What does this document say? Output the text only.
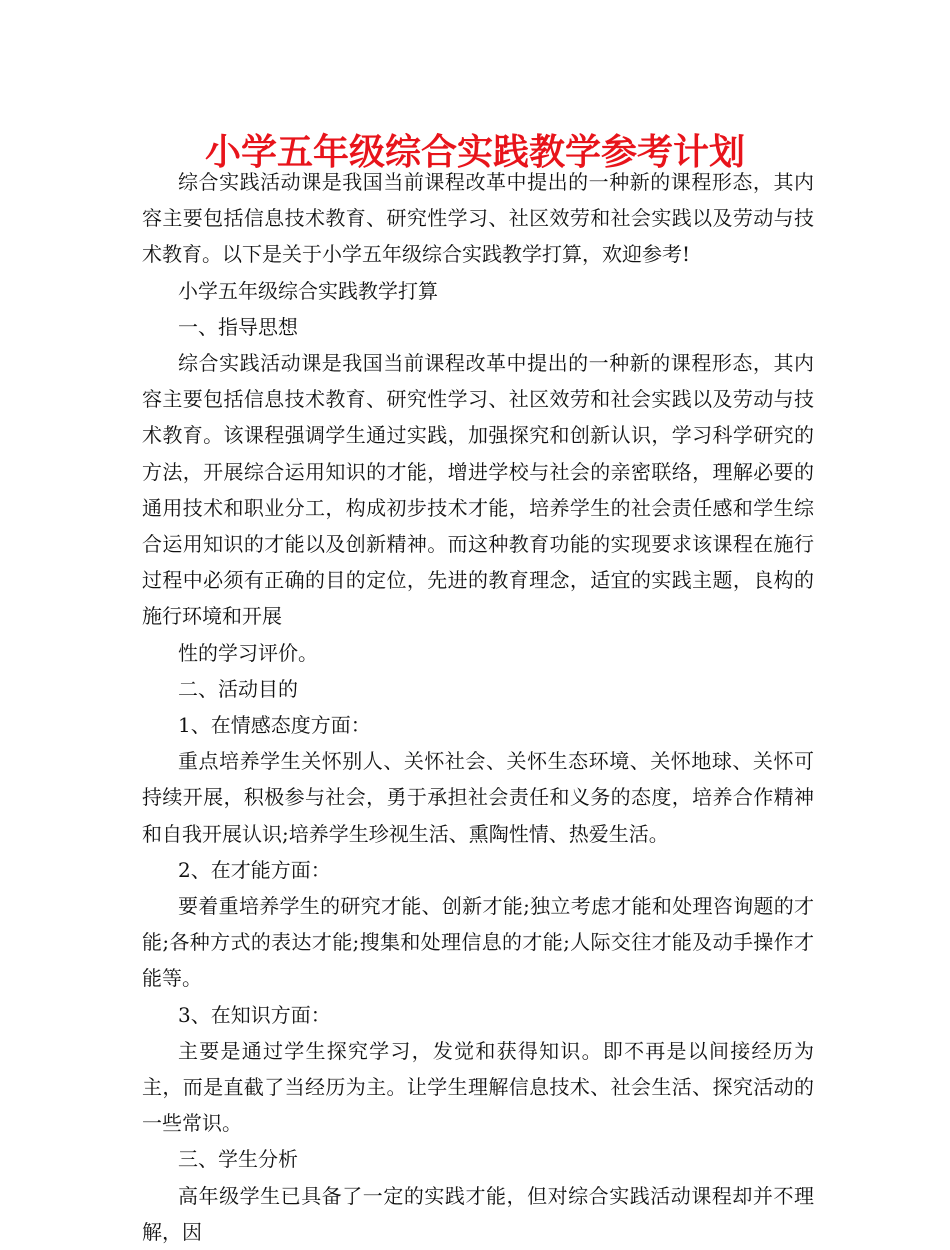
小学五年级综合实践教学参考计划

综合实践活动课是我国当前课程改革中提出的一种新的课程形态，其内容主要包括信息技术教育、研究性学习、社区效劳和社会实践以及劳动与技术教育。以下是关于小学五年级综合实践教学打算，欢迎参考!

小学五年级综合实践教学打算

一、指导思想

综合实践活动课是我国当前课程改革中提出的一种新的课程形态，其内容主要包括信息技术教育、研究性学习、社区效劳和社会实践以及劳动与技术教育。该课程强调学生通过实践，加强探究和创新认识，学习科学研究的方法，开展综合运用知识的才能，增进学校与社会的亲密联络，理解必要的通用技术和职业分工，构成初步技术才能，培养学生的社会责任感和学生综合运用知识的才能以及创新精神。而这种教育功能的实现要求该课程在施行过程中必须有正确的目的定位，先进的教育理念，适宜的实践主题，良构的施行环境和开展

性的学习评价。

二、活动目的

1、在情感态度方面：

重点培养学生关怀别人、关怀社会、关怀生态环境、关怀地球、关怀可持续开展，积极参与社会，勇于承担社会责任和义务的态度，培养合作精神和自我开展认识;培养学生珍视生活、熏陶性情、热爱生活。

2、在才能方面：

要着重培养学生的研究才能、创新才能;独立考虑才能和处理咨询题的才能;各种方式的表达才能;搜集和处理信息的才能;人际交往才能及动手操作才能等。

3、在知识方面：

主要是通过学生探究学习，发觉和获得知识。即不再是以间接经历为主，而是直截了当经历为主。让学生理解信息技术、社会生活、探究活动的一些常识。

三、学生分析

高年级学生已具备了一定的实践才能，但对综合实践活动课程却并不理解，因
